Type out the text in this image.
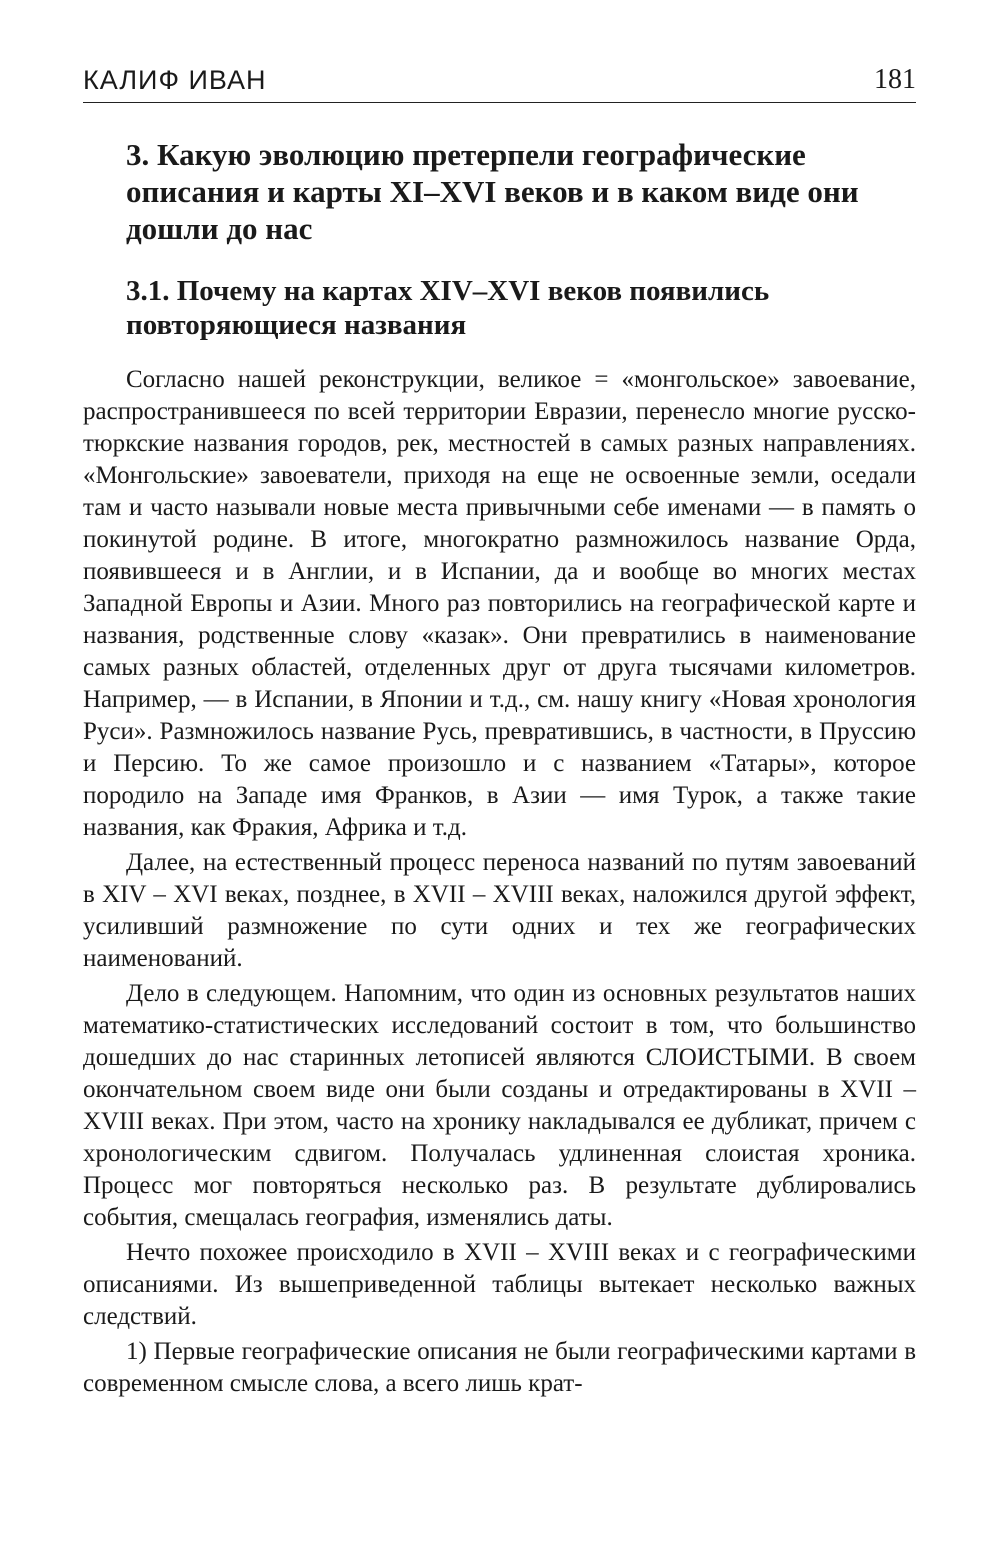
КАЛИФ ИВАН	181
3. Какую эволюцию претерпели географические описания и карты XI–XVI веков и в каком виде они дошли до нас
3.1. Почему на картах XIV–XVI веков появились повторяющиеся названия

Согласно нашей реконструкции, великое = «монгольское» завоевание, распространившееся по всей территории Евразии, перенесло многие русско-тюркские названия городов, рек, местностей в самых разных направлениях. «Монгольские» завоеватели, приходя на еще не освоенные земли, оседали там и часто называли новые места привычными себе именами — в память о покинутой родине. В итоге, многократно размножилось название Орда, появившееся и в Англии, и в Испании, да и вообще во многих местах Западной Европы и Азии. Много раз повторились на географической карте и названия, родственные слову «казак». Они превратились в наименование самых разных областей, отделенных друг от друга тысячами километров. Например, — в Испании, в Японии и т.д., см. нашу книгу «Новая хронология Руси». Размножилось название Русь, превратившись, в частности, в Пруссию и Персию. То же самое произошло и с названием «Татары», которое породило на Западе имя Франков, в Азии — имя Турок, а также такие названия, как Фракия, Африка и т.д.

Далее, на естественный процесс переноса названий по путям завоеваний в XIV – XVI веках, позднее, в XVII – XVIII веках, наложился другой эффект, усиливший размножение по сути одних и тех же географических наименований.

Дело в следующем. Напомним, что один из основных результатов наших математико-статистических исследований состоит в том, что большинство дошедших до нас старинных летописей являются СЛОИСТЫМИ. В своем окончательном своем виде они были созданы и отредактированы в XVII – XVIII веках. При этом, часто на хронику накладывался ее дубликат, причем с хронологическим сдвигом. Получалась удлиненная слоистая хроника. Процесс мог повторяться несколько раз. В результате дублировались события, смещалась география, изменялись даты.

Нечто похожее происходило в XVII – XVIII веках и с географическими описаниями. Из вышеприведенной таблицы вытекает несколько важных следствий.

1) Первые географические описания не были географическими картами в современном смысле слова, а всего лишь крат-
